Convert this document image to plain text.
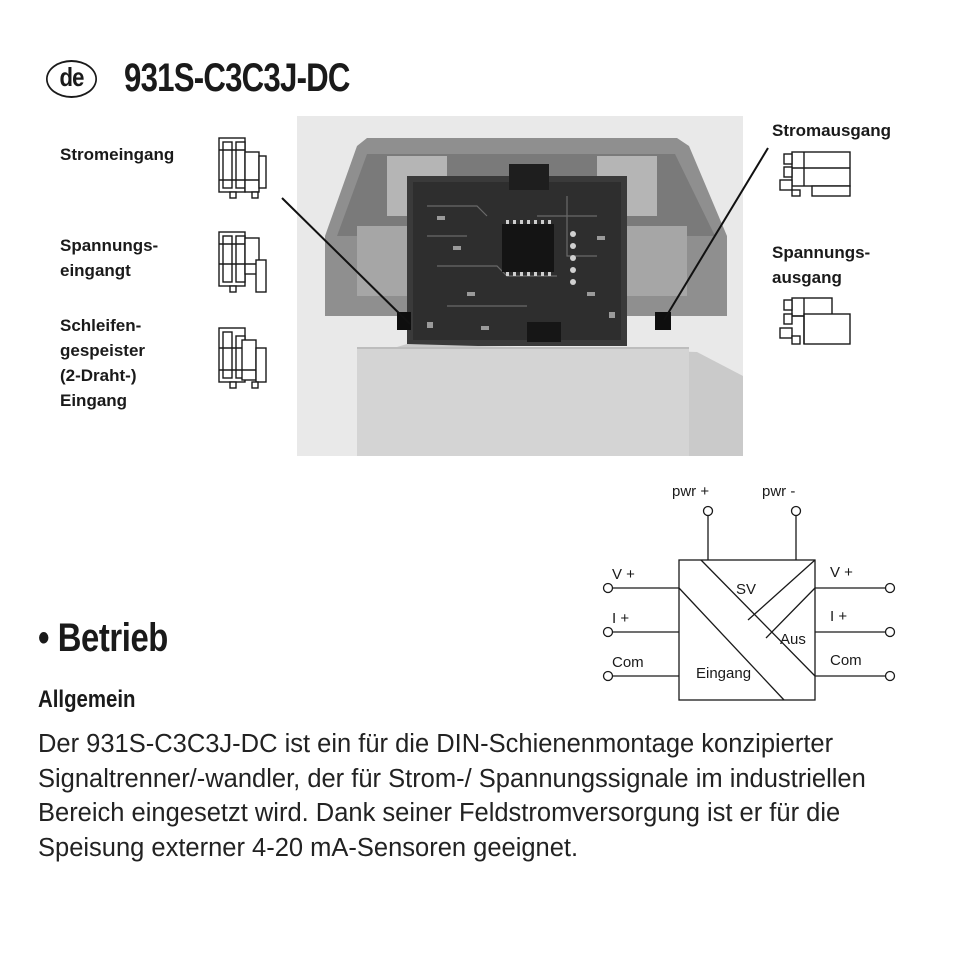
de 931S-C3C3J-DC
Stromeingang
Spannungs-
eingangt
Schleifen-
gespeister
(2-Draht-)
Eingang
Stromausgang
Spannungs-
ausgang
pwr +	pwr -
V +
I +
Com
V +
I +
Com
SV
Aus
Eingang
• Betrieb
Allgemein
Der 931S-C3C3J-DC ist ein für die DIN-Schienenmontage konzipierter Signaltrenner/-wandler, der für Strom-/ Spannungssignale im industriellen Bereich eingesetzt wird. Dank seiner Feldstromversorgung ist er für die Speisung externer 4-20 mA-Sensoren geeignet.
